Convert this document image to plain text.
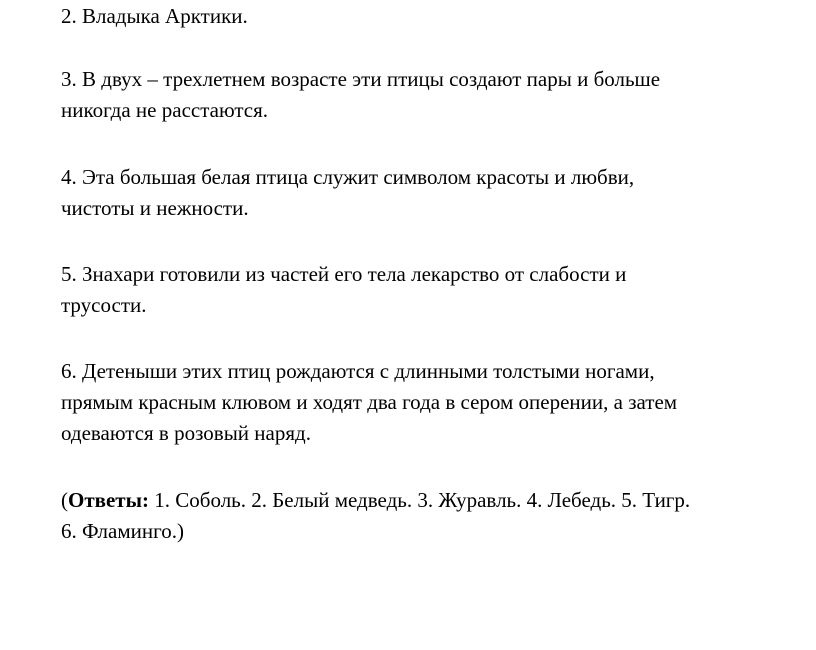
2. Владыка Арктики.
3. В двух – трехлетнем возрасте эти птицы создают пары и больше
никогда не расстаются.
4. Эта большая белая птица служит символом красоты и любви,
чистоты и нежности.
5. Знахари готовили из частей его тела лекарство от слабости и
трусости.
6. Детеныши этих птиц рождаются с длинными толстыми ногами,
прямым красным клювом и ходят два года в сером оперении, а затем
одеваются в розовый наряд.
(Ответы: 1. Соболь. 2. Белый медведь. 3. Журавль. 4. Лебедь. 5. Тигр.
6. Фламинго.)
